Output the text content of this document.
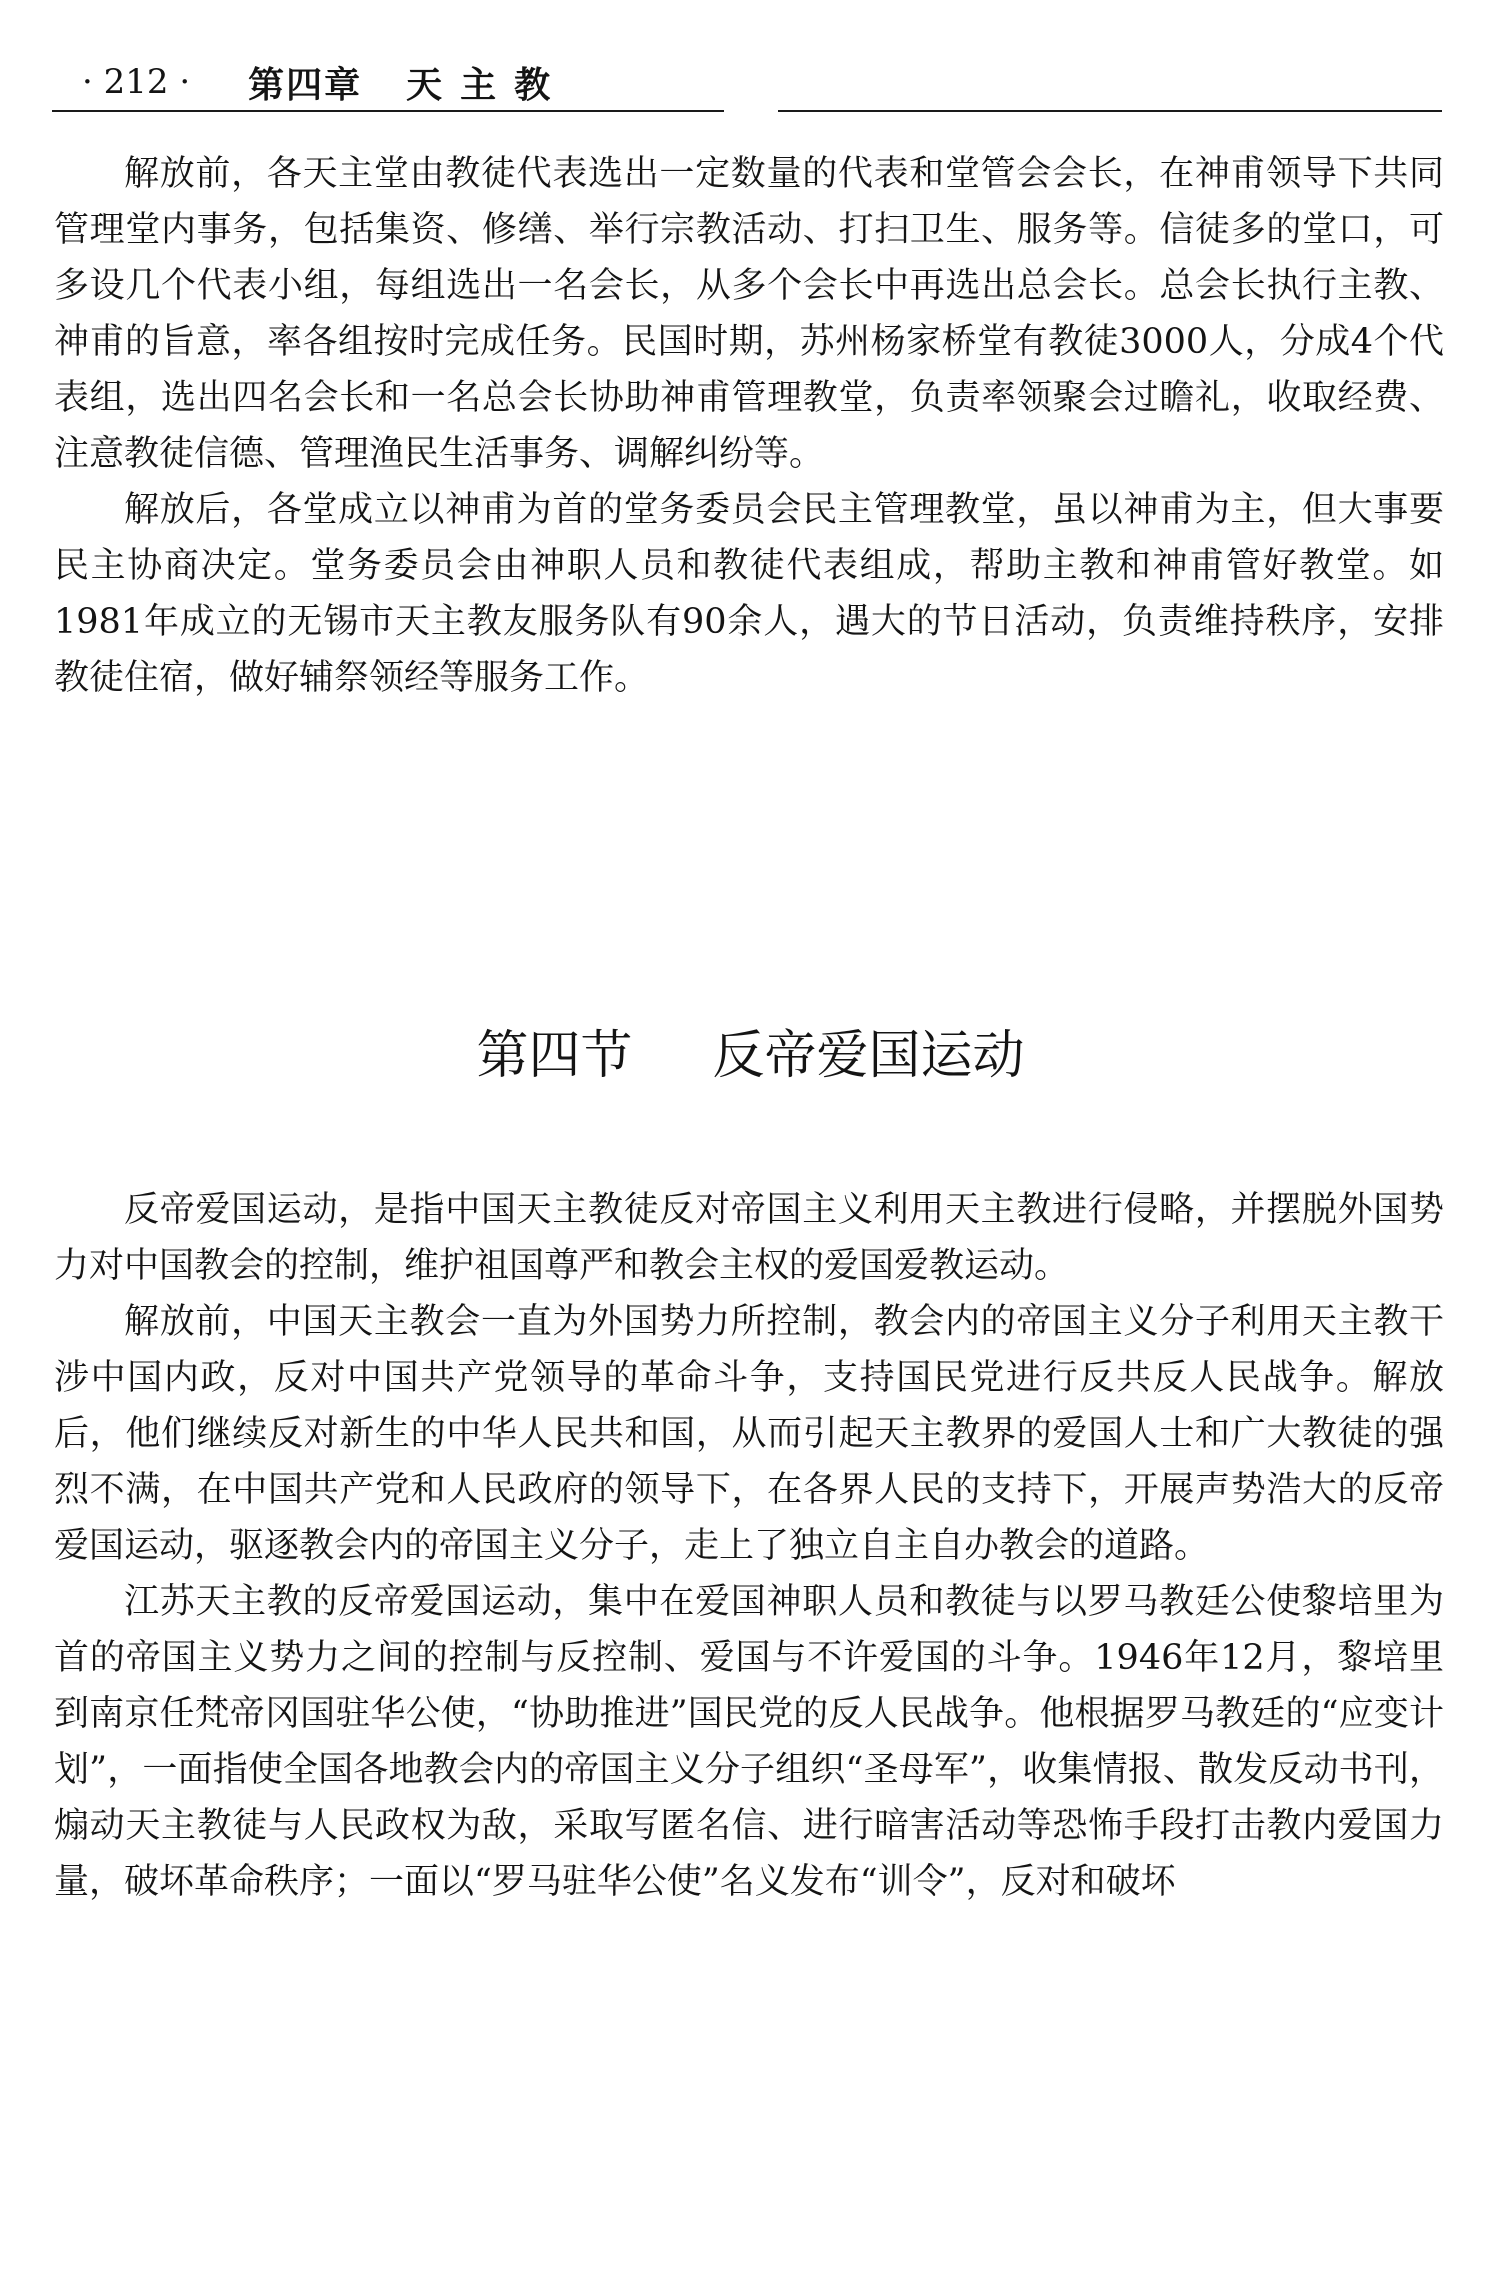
· 212 · 第四章 天主教

解放前，各天主堂由教徒代表选出一定数量的代表和堂管会会长，在神甫领导下共同管理堂内事务，包括集资、修缮、举行宗教活动、打扫卫生、服务等。信徒多的堂口，可多设几个代表小组，每组选出一名会长，从多个会长中再选出总会长。总会长执行主教、神甫的旨意，率各组按时完成任务。民国时期，苏州杨家桥堂有教徒3000人，分成4个代表组，选出四名会长和一名总会长协助神甫管理教堂，负责率领聚会过瞻礼，收取经费、注意教徒信德、管理渔民生活事务、调解纠纷等。

解放后，各堂成立以神甫为首的堂务委员会民主管理教堂，虽以神甫为主，但大事要民主协商决定。堂务委员会由神职人员和教徒代表组成，帮助主教和神甫管好教堂。如1981年成立的无锡市天主教友服务队有90余人，遇大的节日活动，负责维持秩序，安排教徒住宿，做好辅祭领经等服务工作。

第四节 反帝爱国运动

反帝爱国运动，是指中国天主教徒反对帝国主义利用天主教进行侵略，并摆脱外国势力对中国教会的控制，维护祖国尊严和教会主权的爱国爱教运动。

解放前，中国天主教会一直为外国势力所控制，教会内的帝国主义分子利用天主教干涉中国内政，反对中国共产党领导的革命斗争，支持国民党进行反共反人民战争。解放后，他们继续反对新生的中华人民共和国，从而引起天主教界的爱国人士和广大教徒的强烈不满，在中国共产党和人民政府的领导下，在各界人民的支持下，开展声势浩大的反帝爱国运动，驱逐教会内的帝国主义分子，走上了独立自主自办教会的道路。

江苏天主教的反帝爱国运动，集中在爱国神职人员和教徒与以罗马教廷公使黎培里为首的帝国主义势力之间的控制与反控制、爱国与不许爱国的斗争。1946年12月，黎培里到南京任梵帝冈国驻华公使，“协助推进”国民党的反人民战争。他根据罗马教廷的“应变计划”，一面指使全国各地教会内的帝国主义分子组织“圣母军”，收集情报、散发反动书刊，煽动天主教徒与人民政权为敌，采取写匿名信、进行暗害活动等恐怖手段打击教内爱国力量，破坏革命秩序；一面以“罗马驻华公使”名义发布“训令”，反对和破坏
